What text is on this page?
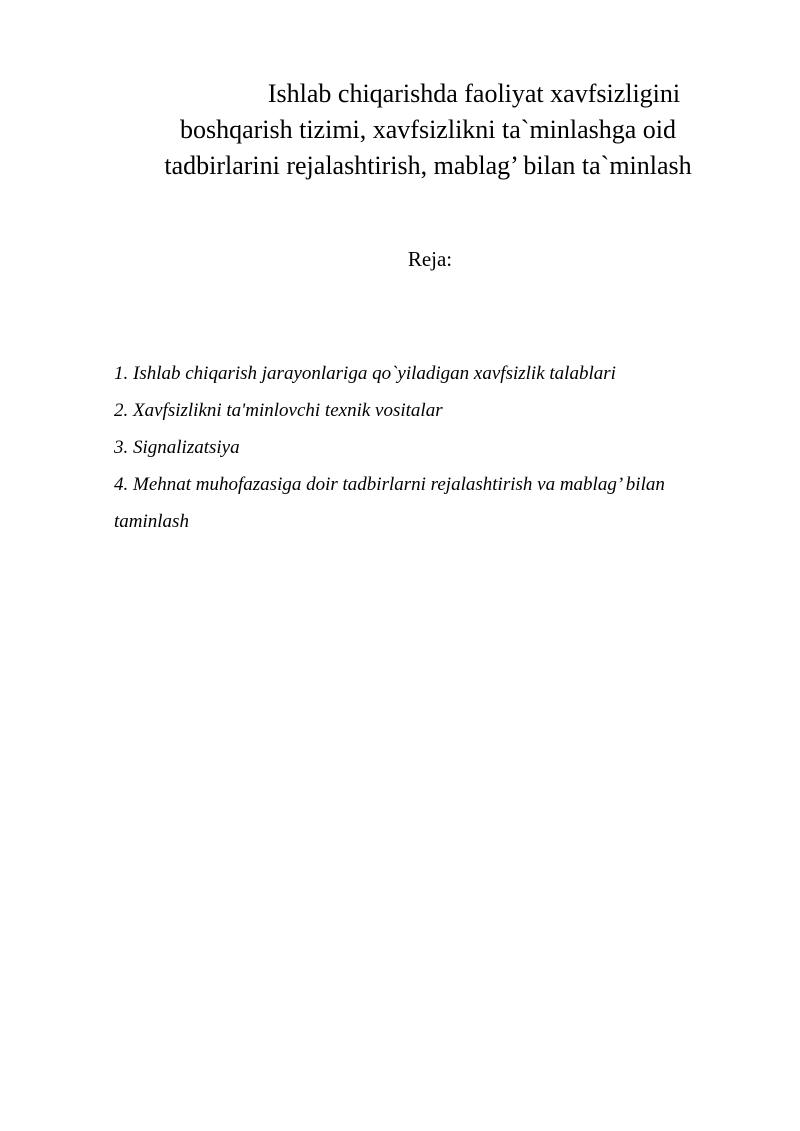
Ishlab chiqarishda faoliyat xavfsizligini
boshqarish tizimi, xavfsizlikni ta`minlashga oid
tadbirlarini rejalashtirish, mablag’ bilan ta`minlash
Reja:
1. Ishlab chiqarish jarayonlariga qo`yiladigan xavfsizlik talablari
2. Xavfsizlikni ta'minlovchi texnik vositalar
3. Signalizatsiya
4. Mehnat muhofazasiga doir tadbirlarni rejalashtirish va mablag’ bilan
taminlash
